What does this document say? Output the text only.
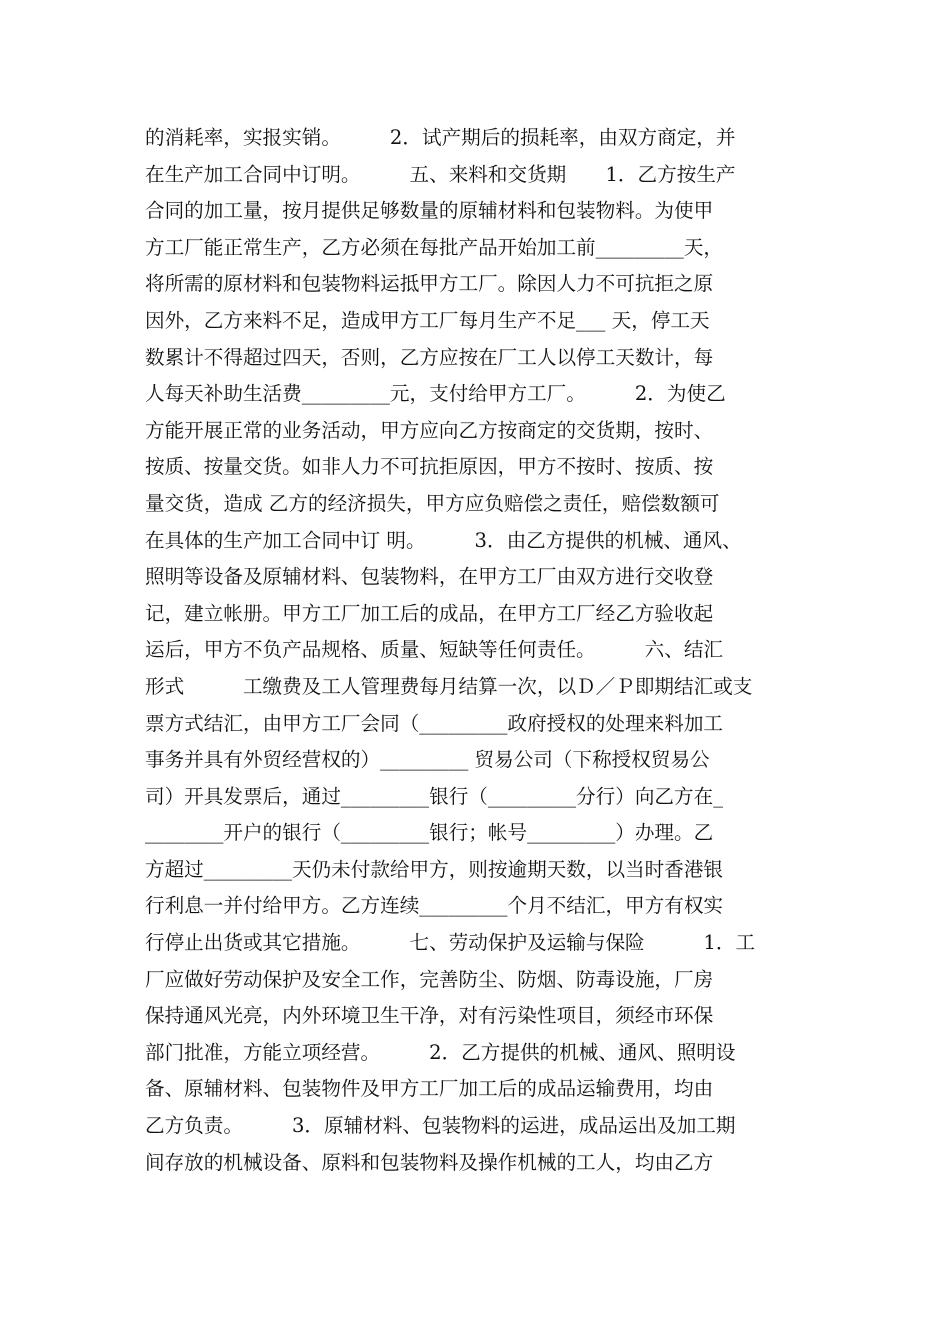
的消耗率，实报实销。　　　2．试产期后的损耗率，由双方商定，并
在生产加工合同中订明。　　　五、来料和交货期　　1．乙方按生产
合同的加工量，按月提供足够数量的原辅材料和包装物料。为使甲
方工厂能正常生产，乙方必须在每批产品开始加工前_________天，
将所需的原材料和包装物料运抵甲方工厂。除因人力不可抗拒之原
因外，乙方来料不足，造成甲方工厂每月生产不足___ 天，停工天
数累计不得超过四天，否则，乙方应按在厂工人以停工天数计，每
人每天补助生活费_________元，支付给甲方工厂。　　　2．为使乙
方能开展正常的业务活动，甲方应向乙方按商定的交货期，按时、
按质、按量交货。如非人力不可抗拒原因，甲方不按时、按质、按
量交货，造成 乙方的经济损失，甲方应负赔偿之责任，赔偿数额可
在具体的生产加工合同中订 明。　　　3．由乙方提供的机械、通风、
照明等设备及原辅材料、包装物料，在甲方工厂由双方进行交收登
记，建立帐册。甲方工厂加工后的成品，在甲方工厂经乙方验收起
运后，甲方不负产品规格、质量、短缺等任何责任。　　　六、结汇
形式　　　工缴费及工人管理费每月结算一次，以Ｄ／Ｐ即期结汇或支
票方式结汇，由甲方工厂会同（_________政府授权的处理来料加工
事务并具有外贸经营权的）_________ 贸易公司（下称授权贸易公
司）开具发票后，通过_________银行（_________分行）向乙方在_
________开户的银行（_________银行；帐号_________）办理。乙
方超过_________天仍未付款给甲方，则按逾期天数，以当时香港银
行利息一并付给甲方。乙方连续_________个月不结汇，甲方有权实
行停止出货或其它措施。　　　七、劳动保护及运输与保险　　　1．工
厂应做好劳动保护及安全工作，完善防尘、防烟、防毒设施，厂房
保持通风光亮，内外环境卫生干净，对有污染性项目，须经市环保
部门批准，方能立项经营。　　　2．乙方提供的机械、通风、照明设
备、原辅材料、包装物件及甲方工厂加工后的成品运输费用，均由
乙方负责。　　　3．原辅材料、包装物料的运进，成品运出及加工期
间存放的机械设备、原料和包装物料及操作机械的工人，均由乙方
